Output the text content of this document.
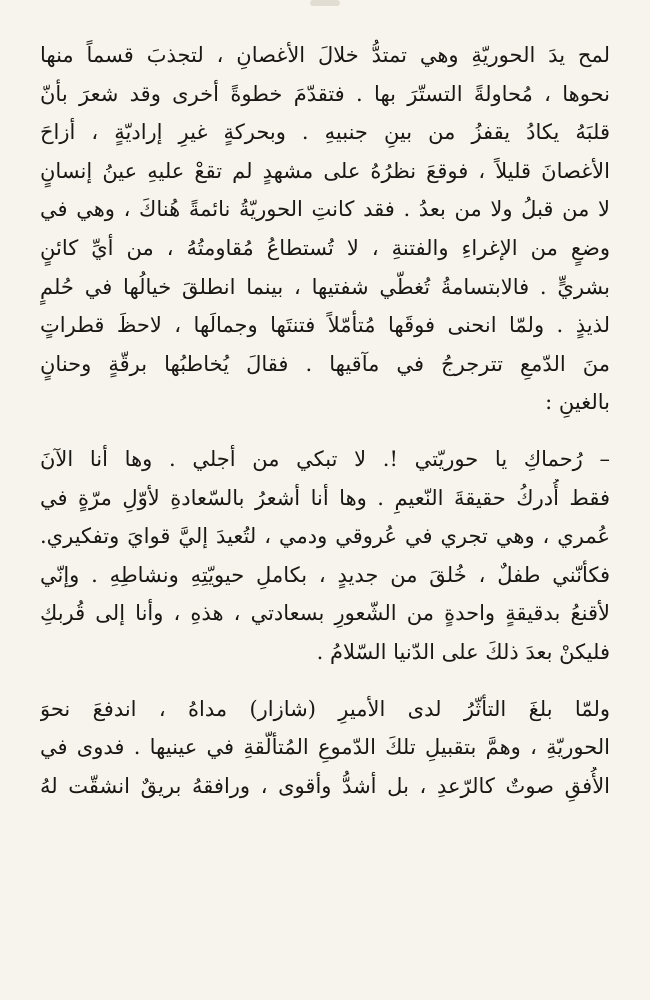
لمح يدَ الحوريّةِ وهي تمتدُّ خلالَ الأغصانِ ، لتجذبَ قسماً منها
نحوها ، مُحاولةً التستّرَ بها . فتقدّمَ خطوةً أخرى وقد شعرَ بأنّ
قلبَهُ يكادُ يقفزُ من بينِ جنبيهِ . وبحركةٍ غيرِ إراديّةٍ ، أزاحَ
الأغصانَ قليلاً ، فوقعَ نظرُهُ على مشهدٍ لم تقعْ عليهِ عينُ إنسانٍ
لا من قبلُ ولا من بعدُ . فقد كانتِ الحوريّةُ نائمةً هُناكَ ، وهي في
وضعٍ من الإغراءِ والفتنةِ ، لا تُستطاعُ مُقاومتُهُ ، من أيِّ كائنٍ
بشريٍّ . فالابتسامةُ تُغطّي شفتيها ، بينما انطلقَ خيالُها في حُلمٍ
لذيذٍ . ولمّا انحنى فوقَها مُتأمّلاً فتنتَها وجمالَها ، لاحظَ قطراتٍ
منَ الدّمعِ تترجرجُ في مآقيها . فقالَ يُخاطبُها برقّةٍ وحنانٍ
بالغينِ :

– رُحماكِ يا حوريّتي !. لا تبكي من أجلي . وها أنا الآنَ
فقط أُدركُ حقيقةَ النّعيمِ . وها أنا أشعرُ بالسّعادةِ لأوّلِ مرّةٍ في
عُمري ، وهي تجري في عُروقي ودمي ، لتُعيدَ إليَّ قوايَ وتفكيري.
فكأنّني طفلٌ ، خُلقَ من جديدٍ ، بكاملِ حيويّتِهِ ونشاطِهِ . وإنّي
لأقنعُ بدقيقةٍ واحدةٍ من الشّعورِ بسعادتي ، هذهِ ، وأنا إلى قُربكِ
فليكنْ بعدَ ذلكَ على الدّنيا السّلامُ .

ولمّا بلغَ التأثّرُ لدى الأميرِ (شازار) مداهُ ، اندفعَ نحوَ
الحوريّةِ ، وهمَّ بتقبيلِ تلكَ الدّموعِ المُتألّقةِ في عينيها . فدوى في
الأُفقِ صوتٌ كالرّعدِ ، بل أشدُّ وأقوى ، ورافقهُ بريقٌ انشقّت لهُ
